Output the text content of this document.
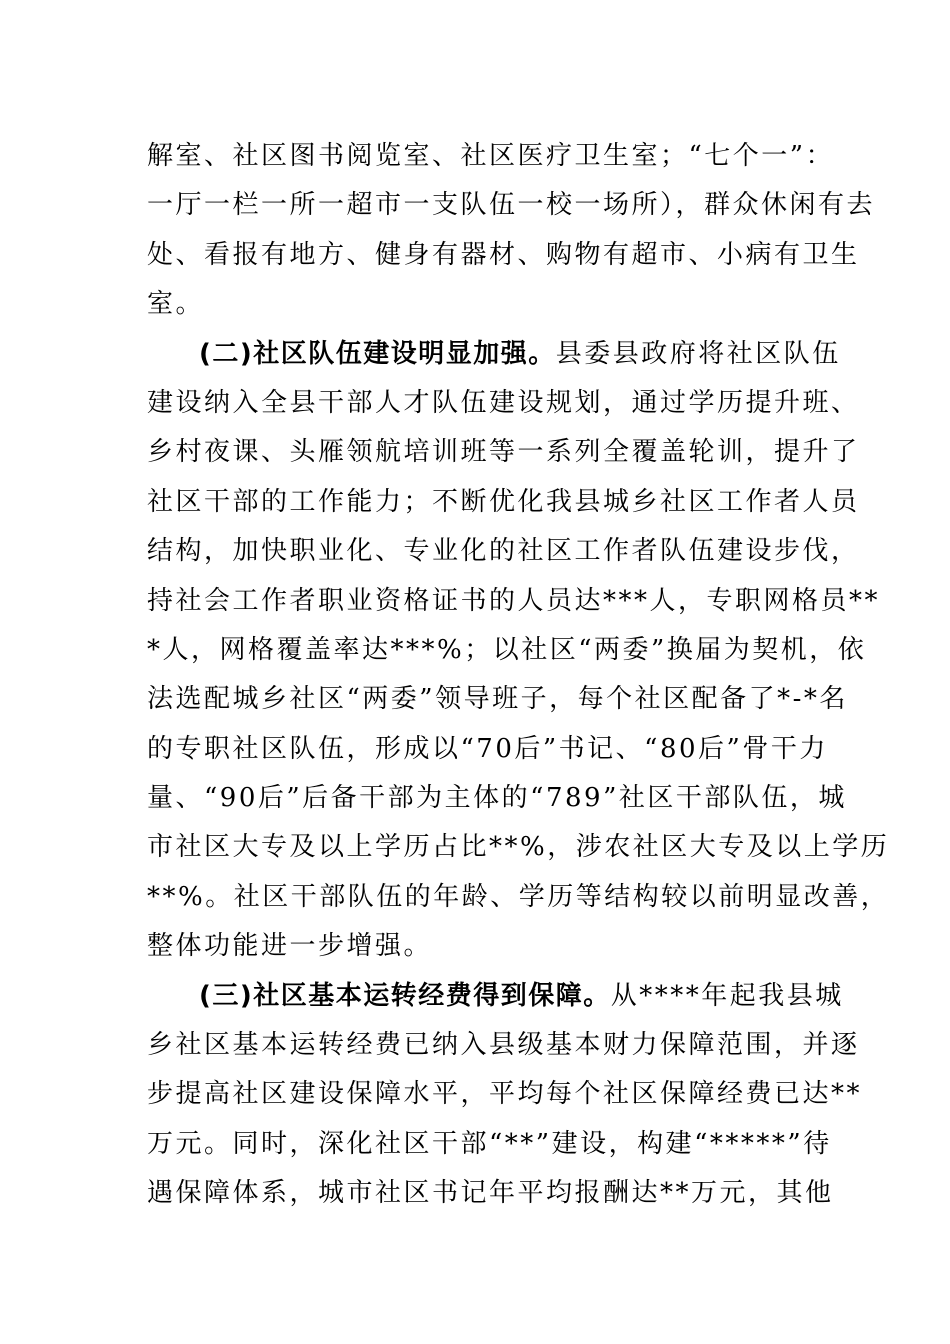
解室、社区图书阅览室、社区医疗卫生室；“七个一”：
一厅一栏一所一超市一支队伍一校一场所），群众休闲有去
处、看报有地方、健身有器材、购物有超市、小病有卫生
室。
(二)社区队伍建设明显加强。县委县政府将社区队伍
建设纳入全县干部人才队伍建设规划，通过学历提升班、
乡村夜课、头雁领航培训班等一系列全覆盖轮训，提升了
社区干部的工作能力；不断优化我县城乡社区工作者人员
结构，加快职业化、专业化的社区工作者队伍建设步伐，
持社会工作者职业资格证书的人员达***人，专职网格员**
*人，网格覆盖率达***%；以社区“两委”换届为契机，依
法选配城乡社区“两委”领导班子，每个社区配备了*-*名
的专职社区队伍，形成以“70后”书记、“80后”骨干力
量、“90后”后备干部为主体的“789”社区干部队伍，城
市社区大专及以上学历占比**%，涉农社区大专及以上学历
**%。社区干部队伍的年龄、学历等结构较以前明显改善，
整体功能进一步增强。
(三)社区基本运转经费得到保障。从****年起我县城
乡社区基本运转经费已纳入县级基本财力保障范围，并逐
步提高社区建设保障水平，平均每个社区保障经费已达**
万元。同时，深化社区干部“**”建设，构建“*****”待
遇保障体系，城市社区书记年平均报酬达**万元，其他
